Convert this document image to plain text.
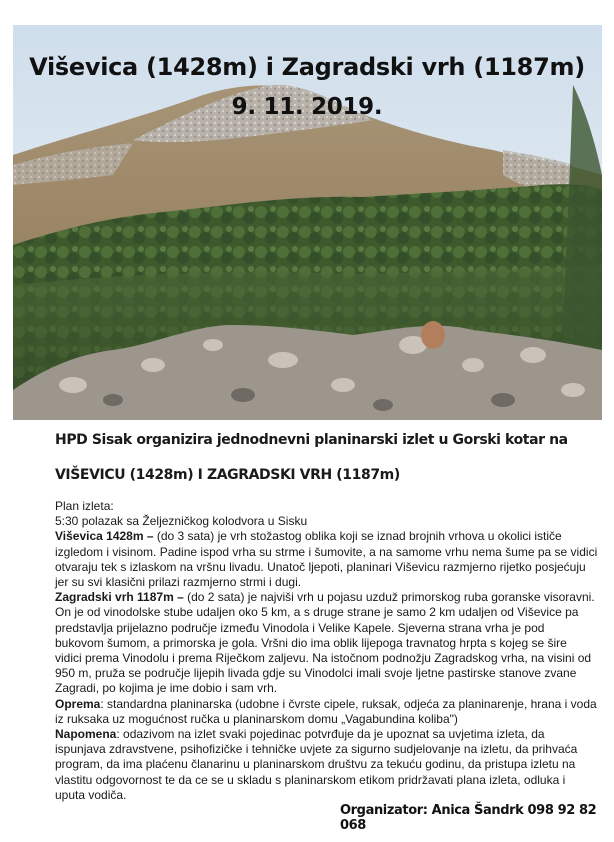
Viševica (1428m) i Zagradski vrh (1187m)
9. 11. 2019.
HPD Sisak organizira jednodnevni planinarski izlet u Gorski kotar na
VIŠEVICU (1428m) I ZAGRADSKI VRH (1187m)

Plan izleta:

5:30 polazak sa Željezničkog kolodvora u Sisku

Viševica 1428m – (do 3 sata) je vrh stožastog oblika koji se iznad brojnih vrhova u okolici ističe

izgledom i visinom. Padine ispod vrha su strme i šumovite, a na samome vrhu nema šume pa se vidici

otvaraju tek s izlaskom na vršnu livadu. Unatoč ljepoti, planinari Viševicu razmjerno rijetko posjećuju

jer su svi klasični prilazi razmjerno strmi i dugi.

Zagradski vrh 1187m – (do 2 sata) je najviši vrh u pojasu uzduž primorskog ruba goranske visoravni.

On je od vinodolske stube udaljen oko 5 km, a s druge strane je samo 2 km udaljen od Viševice pa

predstavlja prijelazno područje između Vinodola i Velike Kapele. Sjeverna strana vrha je pod

bukovom šumom, a primorska je gola. Vršni dio ima oblik lijepoga travnatog hrpta s kojeg se šire

vidici prema Vinodolu i prema Riječkom zaljevu. Na istočnom podnožju Zagradskog vrha, na visini od

950 m, pruža se područje lijepih livada gdje su Vinodolci imali svoje ljetne pastirske stanove zvane

Zagradi, po kojima je ime dobio i sam vrh.

Oprema: standardna planinarska (udobne i čvrste cipele, ruksak, odjeća za planinarenje, hrana i voda

iz ruksaka uz mogućnost ručka u planinarskom domu „Vagabundina koliba")

Napomena: odazivom na izlet svaki pojedinac potvrđuje da je upoznat sa uvjetima izleta, da

ispunjava zdravstvene, psihofizičke i tehničke uvjete za sigurno sudjelovanje na izletu, da prihvaća

program, da ima plaćenu članarinu u planinarskom društvu za tekuću godinu, da pristupa izletu na

vlastitu odgovornost te da ce se u skladu s planinarskom etikom pridržavati plana izleta, odluka i

uputa vodiča.

Organizator: Anica Šandrk 098 92 82 068
